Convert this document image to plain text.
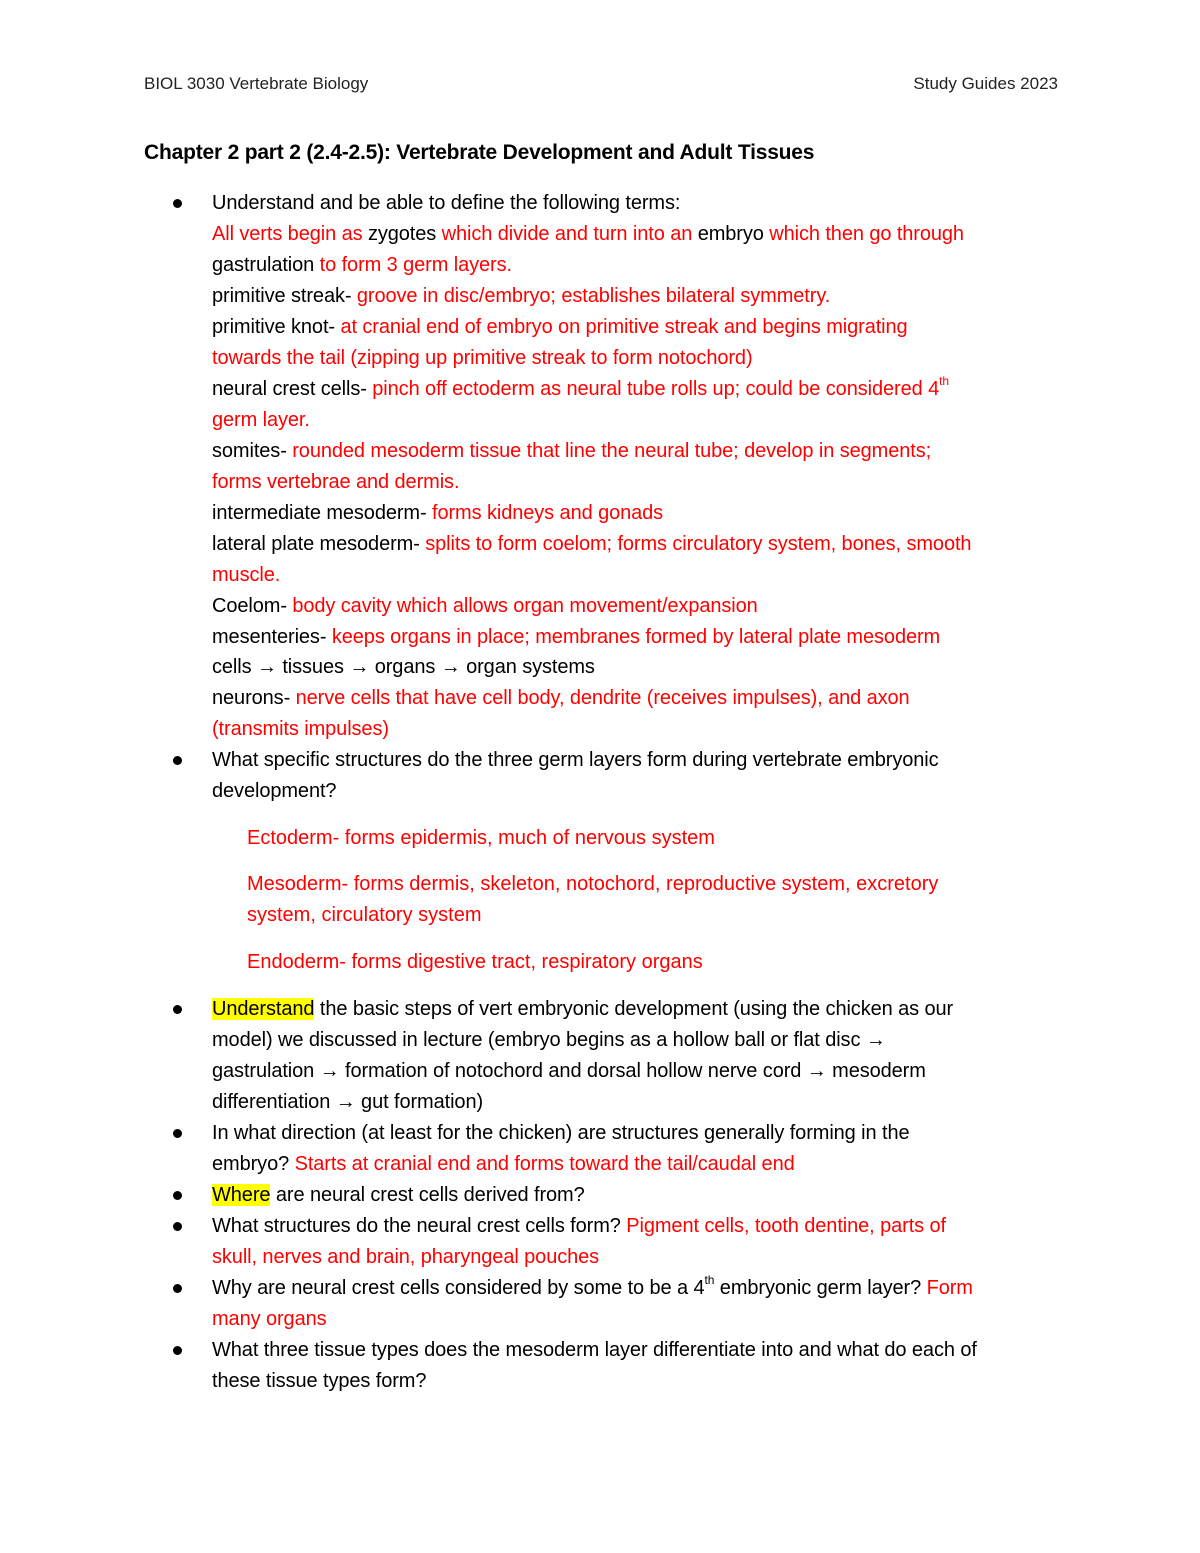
BIOL 3030 Vertebrate Biology	Study Guides 2023
Chapter 2 part 2 (2.4-2.5): Vertebrate Development and Adult Tissues
Understand and be able to define the following terms:
All verts begin as zygotes which divide and turn into an embryo which then go through
gastrulation to form 3 germ layers.
primitive streak- groove in disc/embryo; establishes bilateral symmetry.
primitive knot- at cranial end of embryo on primitive streak and begins migrating
towards the tail (zipping up primitive streak to form notochord)
neural crest cells- pinch off ectoderm as neural tube rolls up; could be considered 4th
germ layer.
somites- rounded mesoderm tissue that line the neural tube; develop in segments;
forms vertebrae and dermis.
intermediate mesoderm- forms kidneys and gonads
lateral plate mesoderm- splits to form coelom; forms circulatory system, bones, smooth
muscle.
Coelom- body cavity which allows organ movement/expansion
mesenteries- keeps organs in place; membranes formed by lateral plate mesoderm
cells → tissues → organs → organ systems
neurons- nerve cells that have cell body, dendrite (receives impulses), and axon
(transmits impulses)
What specific structures do the three germ layers form during vertebrate embryonic
development?
Ectoderm- forms epidermis, much of nervous system
Mesoderm- forms dermis, skeleton, notochord, reproductive system, excretory
system, circulatory system
Endoderm- forms digestive tract, respiratory organs
Understand the basic steps of vert embryonic development (using the chicken as our
model) we discussed in lecture (embryo begins as a hollow ball or flat disc →
gastrulation → formation of notochord and dorsal hollow nerve cord → mesoderm
differentiation → gut formation)
In what direction (at least for the chicken) are structures generally forming in the
embryo? Starts at cranial end and forms toward the tail/caudal end
Where are neural crest cells derived from?
What structures do the neural crest cells form? Pigment cells, tooth dentine, parts of
skull, nerves and brain, pharyngeal pouches
Why are neural crest cells considered by some to be a 4th embryonic germ layer? Form
many organs
What three tissue types does the mesoderm layer differentiate into and what do each of
these tissue types form?
